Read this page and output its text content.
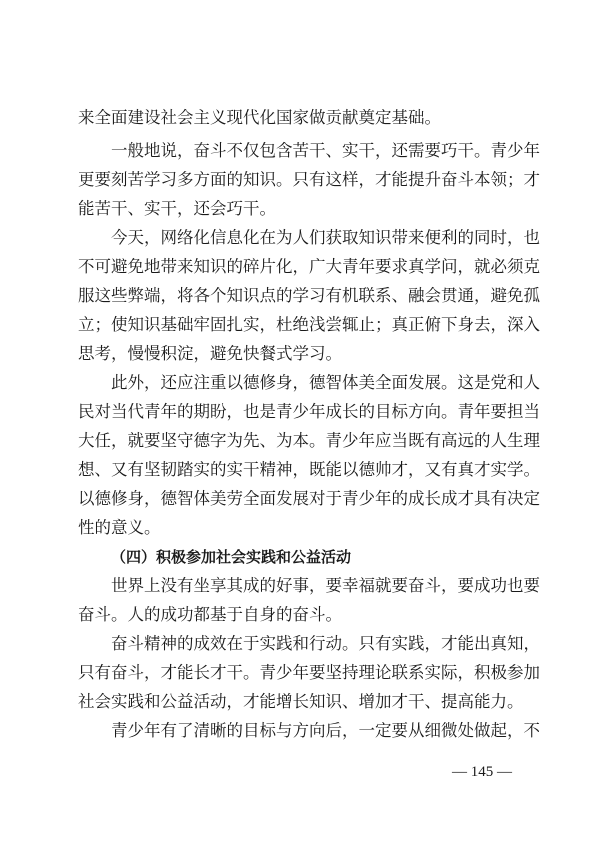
来全面建设社会主义现代化国家做贡献奠定基础。
一般地说，奋斗不仅包含苦干、实干，还需要巧干。青少年
更要刻苦学习多方面的知识。只有这样，才能提升奋斗本领；才
能苦干、实干，还会巧干。
今天，网络化信息化在为人们获取知识带来便利的同时，也
不可避免地带来知识的碎片化，广大青年要求真学问，就必须克
服这些弊端，将各个知识点的学习有机联系、融会贯通，避免孤
立；使知识基础牢固扎实，杜绝浅尝辄止；真正俯下身去，深入
思考，慢慢积淀，避免快餐式学习。
此外，还应注重以德修身，德智体美全面发展。这是党和人
民对当代青年的期盼，也是青少年成长的目标方向。青年要担当
大任，就要坚守德字为先、为本。青少年应当既有高远的人生理
想、又有坚韧踏实的实干精神，既能以德帅才，又有真才实学。
以德修身，德智体美劳全面发展对于青少年的成长成才具有决定
性的意义。
（四）积极参加社会实践和公益活动
世界上没有坐享其成的好事，要幸福就要奋斗，要成功也要
奋斗。人的成功都基于自身的奋斗。
奋斗精神的成效在于实践和行动。只有实践，才能出真知，
只有奋斗，才能长才干。青少年要坚持理论联系实际，积极参加
社会实践和公益活动，才能增长知识、增加才干、提高能力。
青少年有了清晰的目标与方向后，一定要从细微处做起，不
— 145 —
